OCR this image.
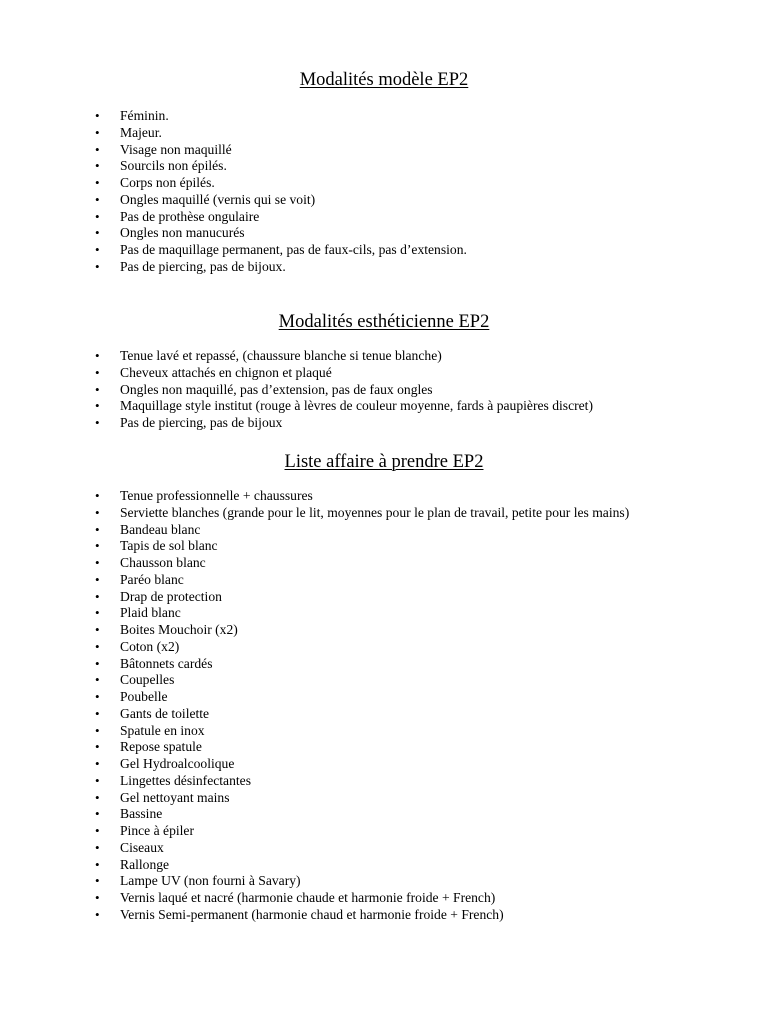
Modalités modèle EP2
• Féminin.
• Majeur.
• Visage non maquillé
• Sourcils non épilés.
• Corps non épilés.
• Ongles maquillé (vernis qui se voit)
• Pas de prothèse ongulaire
• Ongles non manucurés
• Pas de maquillage permanent, pas de faux-cils, pas d’extension.
• Pas de piercing, pas de bijoux.
Modalités esthéticienne EP2
• Tenue lavé et repassé, (chaussure blanche si tenue blanche)
• Cheveux attachés en chignon et plaqué
• Ongles non maquillé, pas d’extension, pas de faux ongles
• Maquillage style institut (rouge à lèvres de couleur moyenne, fards à paupières discret)
• Pas de piercing, pas de bijoux
Liste affaire à prendre EP2
• Tenue professionnelle + chaussures
• Serviette blanches (grande pour le lit, moyennes pour le plan de travail, petite pour les mains)
• Bandeau blanc
• Tapis de sol blanc
• Chausson blanc
• Paréo blanc
• Drap de protection
• Plaid blanc
• Boites Mouchoir (x2)
• Coton (x2)
• Bâtonnets cardés
• Coupelles
• Poubelle
• Gants de toilette
• Spatule en inox
• Repose spatule
• Gel Hydroalcoolique
• Lingettes désinfectantes
• Gel nettoyant mains
• Bassine
• Pince à épiler
• Ciseaux
• Rallonge
• Lampe UV (non fourni à Savary)
• Vernis laqué et nacré (harmonie chaude et harmonie froide + French)
• Vernis Semi-permanent (harmonie chaud et harmonie froide + French)
